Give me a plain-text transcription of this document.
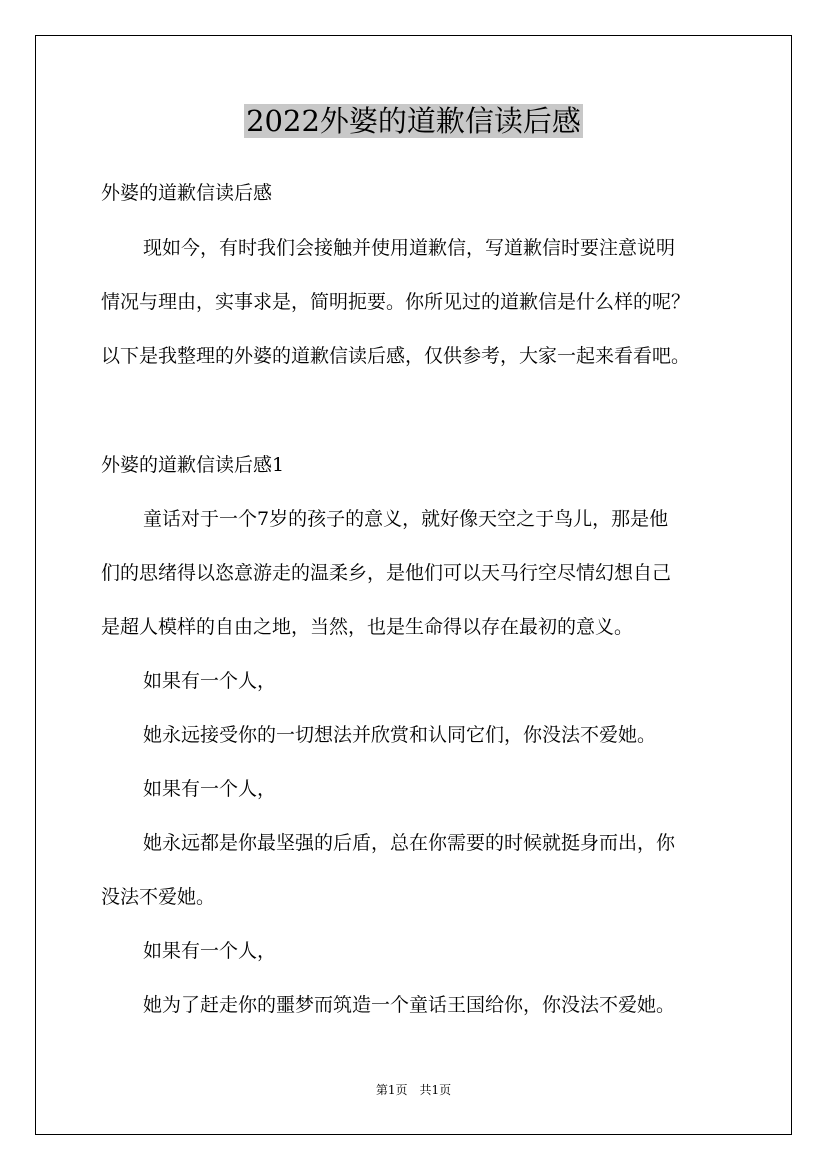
2022外婆的道歉信读后感

外婆的道歉信读后感

现如今，有时我们会接触并使用道歉信，写道歉信时要注意说明

情况与理由，实事求是，简明扼要。你所见过的道歉信是什么样的呢？

以下是我整理的外婆的道歉信读后感，仅供参考，大家一起来看看吧。

外婆的道歉信读后感1

童话对于一个7岁的孩子的意义，就好像天空之于鸟儿，那是他

们的思绪得以恣意游走的温柔乡，是他们可以天马行空尽情幻想自己

是超人模样的自由之地，当然，也是生命得以存在最初的意义。

如果有一个人，

她永远接受你的一切想法并欣赏和认同它们，你没法不爱她。

如果有一个人，

她永远都是你最坚强的后盾，总在你需要的时候就挺身而出，你

没法不爱她。

如果有一个人，

她为了赶走你的噩梦而筑造一个童话王国给你，你没法不爱她。

第1页　共1页
